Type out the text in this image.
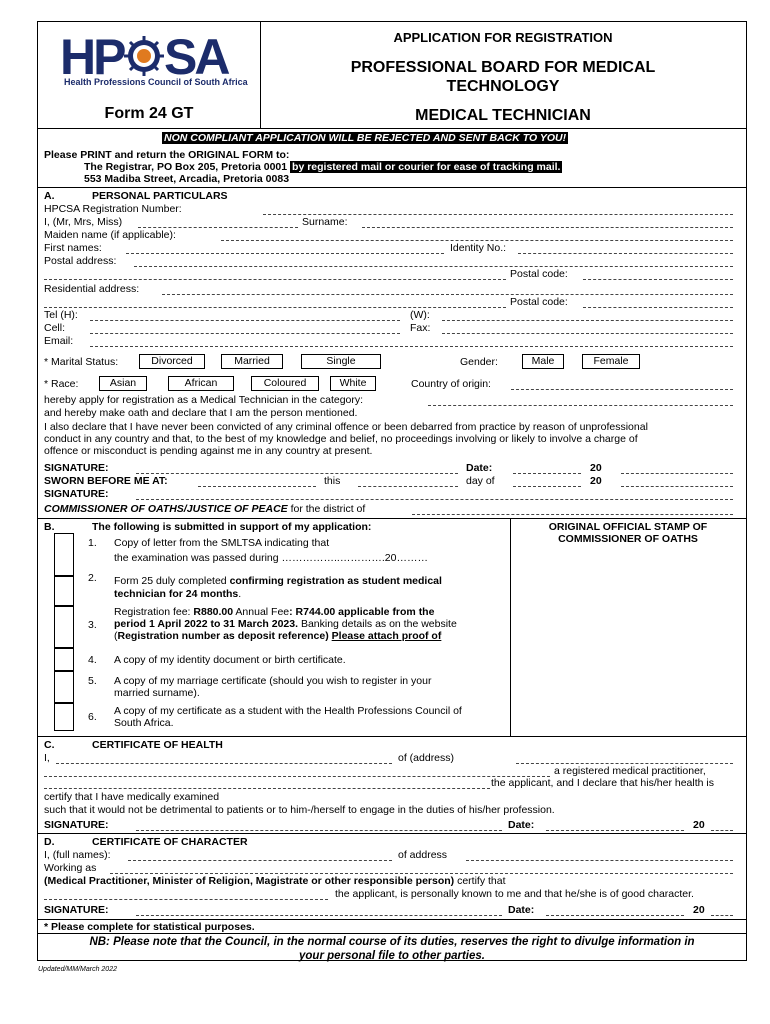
HP SA
Health Professions Council of South Africa
Form 24 GT
APPLICATION FOR REGISTRATION
PROFESSIONAL BOARD FOR MEDICAL
TECHNOLOGY
MEDICAL TECHNICIAN
NON COMPLIANT APPLICATION WILL BE REJECTED AND SENT BACK TO YOU!
Please PRINT and return the ORIGINAL FORM to:
The Registrar, PO Box 205, Pretoria 0001 by registered mail or courier for ease of tracking mail.
553 Madiba Street, Arcadia, Pretoria 0083
A.	PERSONAL PARTICULARS
HPCSA Registration Number:
I, (Mr, Mrs, Miss)	Surname:
Maiden name (if applicable):
First names:	Identity No.:
Postal address:
Postal code:
Residential address:
Postal code:
Tel (H):	(W):
Cell:	Fax:
Email:
* Marital Status:	Divorced	Married	Single	Gender:	Male	Female
* Race:	Asian	African	Coloured	White	Country of origin:
hereby apply for registration as a Medical Technician in the category:
and hereby make oath and declare that I am the person mentioned.
I also declare that I have never been convicted of any criminal offence or been debarred from practice by reason of unprofessional
conduct in any country and that, to the best of my knowledge and belief, no proceedings involving or likely to involve a charge of
offence or misconduct is pending against me in any country at present.
SIGNATURE:	Date:	20
SWORN BEFORE ME AT:	this	day of	20
SIGNATURE:
COMMISSIONER OF OATHS/JUSTICE OF PEACE for the district of
B.	The following is submitted in support of my application:	ORIGINAL OFFICIAL STAMP OF COMMISSIONER OF OATHS
1. Copy of letter from the SMLTSA indicating that
the examination was passed during ……………..………….20………
2. Form 25 duly completed confirming registration as student medical
technician for 24 months.
3.
Registration fee: R880.00 Annual Fee: R744.00 applicable from the
period 1 April 2022 to 31 March 2023. Banking details as on the website
(Registration number as deposit reference) Please attach proof of
4. A copy of my identity document or birth certificate.
5. A copy of my marriage certificate (should you wish to register in your
married surname).
6. A copy of my certificate as a student with the Health Professions Council of
South Africa.
C.	CERTIFICATE OF HEALTH
I,	of (address)
a registered medical practitioner,
the applicant, and I declare that his/her health is
certify that I have medically examined
such that it would not be detrimental to patients or to him-/herself to engage in the duties of his/her profession.
SIGNATURE:	Date:	20
D.	CERTIFICATE OF CHARACTER
I, (full names):	of address
Working as
(Medical Practitioner, Minister of Religion, Magistrate or other responsible person) certify that
the applicant, is personally known to me and that he/she is of good character.
SIGNATURE:	Date:	20
* Please complete for statistical purposes.
NB: Please note that the Council, in the normal course of its duties, reserves the right to divulge information in
your personal file to other parties.
Updated/MM/March 2022
